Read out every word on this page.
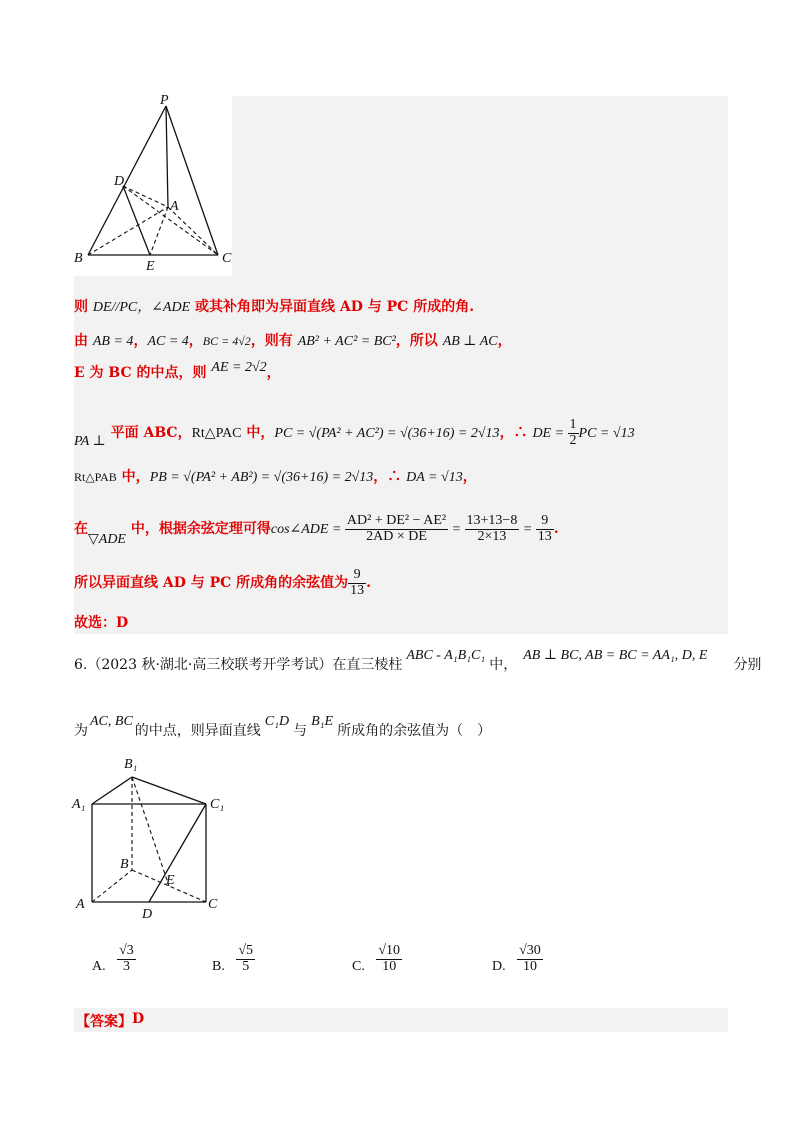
P
D
A
B
E
C
则 DE//PC，∠ADE 或其补角即为异面直线 AD 与 PC 所成的角.
由 AB = 4，AC = 4，BC = 4√2，则有 AB² + AC² = BC²，所以 AB ⊥ AC，
E 为 BC 的中点，则 AE = 2√2，
PA ⊥ 平面 ABC，Rt△PAC 中，PC = √(PA² + AC²) = √(36+16) = 2√13，∴ DE = $\frac{1}{2}$ PC = √13
Rt△PAB 中，PB = √(PA² + AB²) = √(36+16) = 2√13，∴ DA = √13，
在▽ADE 中，根据余弦定理可得cos∠ADE = $\frac{\text{AD² + DE² − AE²}}{2AD \times DE} = \frac{13+13-8}{2\times 13} = \frac{9}{13}$ .
所以异面直线 AD 与 PC 所成角的余弦值为 $\frac{9}{13}$ .
故选：D
6.（2023 秋·湖北·高三校联考开学考试）在直三棱柱ABC - A₁B₁C₁中，AB ⊥ BC, AB = BC = AA₁, D, E分别
为AC, BC的中点，则异面直线C₁D与B₁E所成角的余弦值为（　）
B₁
A₁	C₁
B
E
A
D
C
A. $\frac{√3}{3}$	B. $\frac{√5}{5}$	C. $\frac{√10}{10}$	D. $\frac{√30}{10}$
【答案】 D
